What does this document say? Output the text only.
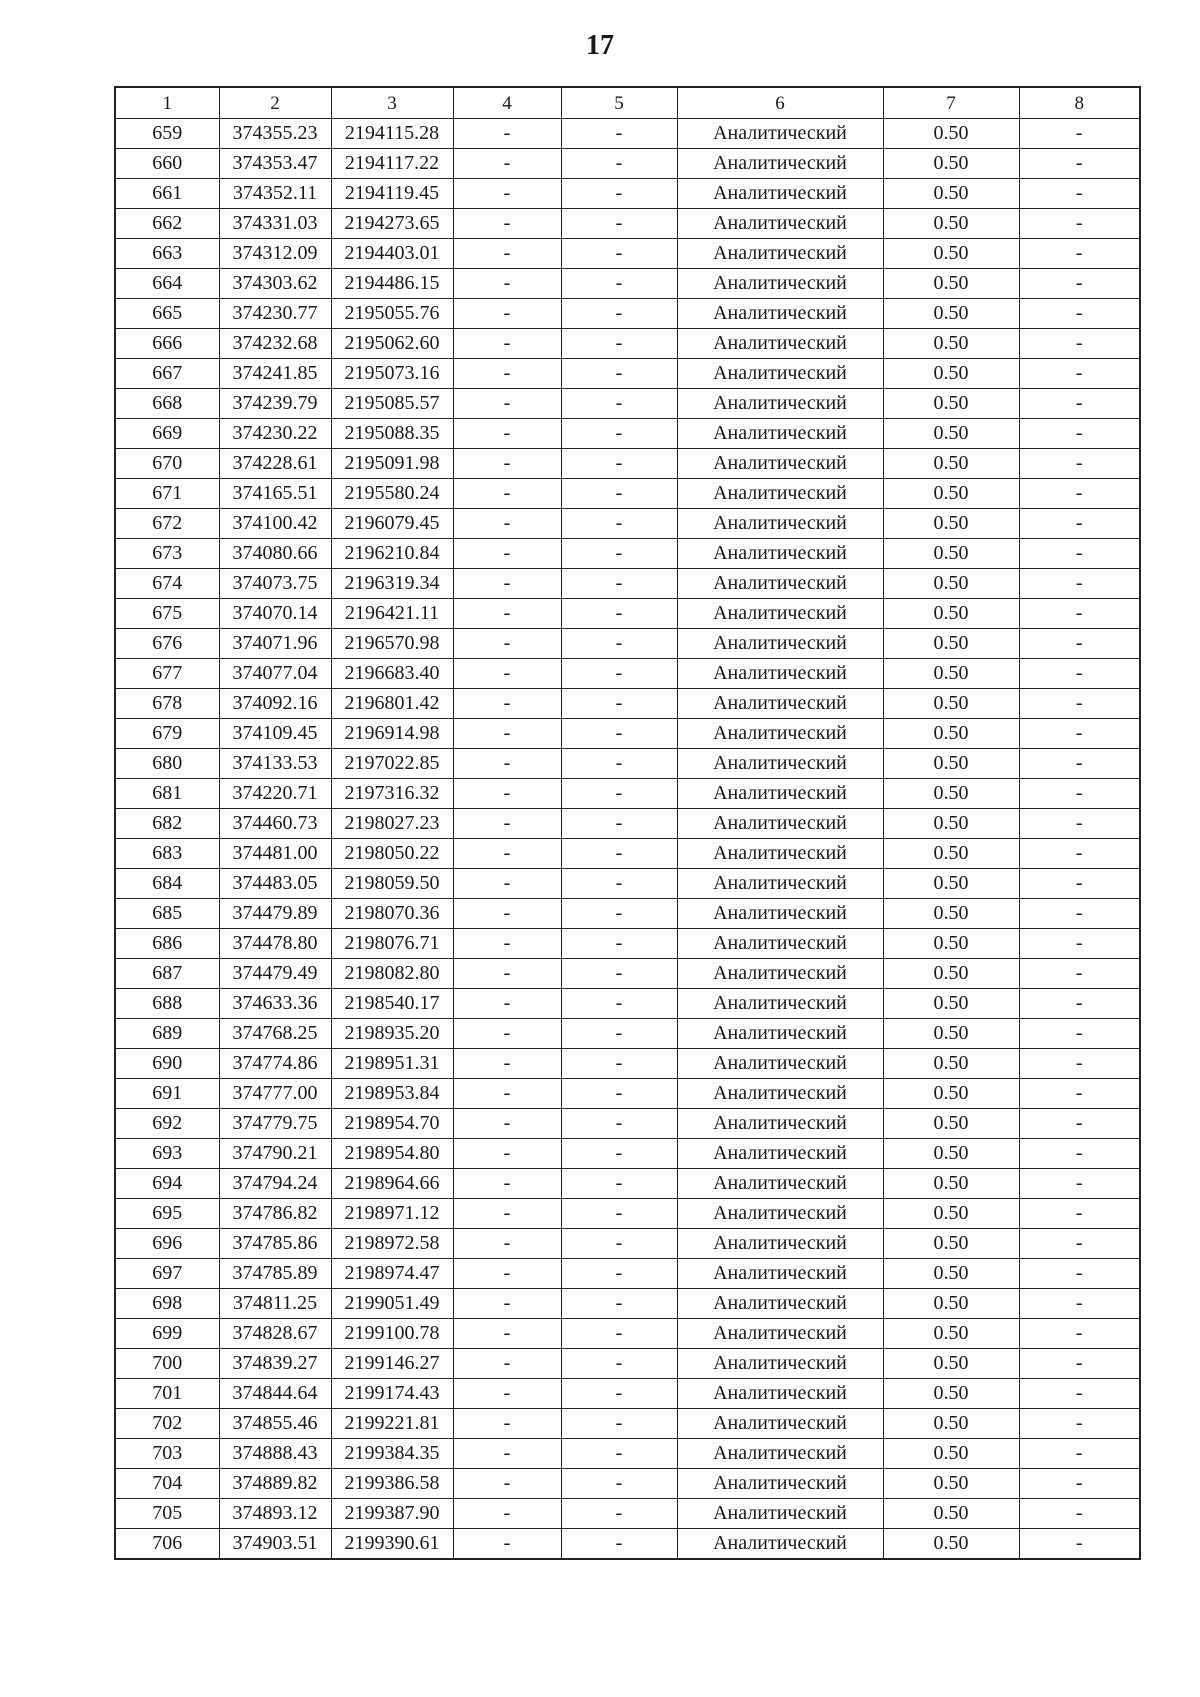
17
1	2	3	4	5	6	7	8
659	374355.23	2194115.28	-	-	Аналитический	0.50	-
660	374353.47	2194117.22	-	-	Аналитический	0.50	-
661	374352.11	2194119.45	-	-	Аналитический	0.50	-
662	374331.03	2194273.65	-	-	Аналитический	0.50	-
663	374312.09	2194403.01	-	-	Аналитический	0.50	-
664	374303.62	2194486.15	-	-	Аналитический	0.50	-
665	374230.77	2195055.76	-	-	Аналитический	0.50	-
666	374232.68	2195062.60	-	-	Аналитический	0.50	-
667	374241.85	2195073.16	-	-	Аналитический	0.50	-
668	374239.79	2195085.57	-	-	Аналитический	0.50	-
669	374230.22	2195088.35	-	-	Аналитический	0.50	-
670	374228.61	2195091.98	-	-	Аналитический	0.50	-
671	374165.51	2195580.24	-	-	Аналитический	0.50	-
672	374100.42	2196079.45	-	-	Аналитический	0.50	-
673	374080.66	2196210.84	-	-	Аналитический	0.50	-
674	374073.75	2196319.34	-	-	Аналитический	0.50	-
675	374070.14	2196421.11	-	-	Аналитический	0.50	-
676	374071.96	2196570.98	-	-	Аналитический	0.50	-
677	374077.04	2196683.40	-	-	Аналитический	0.50	-
678	374092.16	2196801.42	-	-	Аналитический	0.50	-
679	374109.45	2196914.98	-	-	Аналитический	0.50	-
680	374133.53	2197022.85	-	-	Аналитический	0.50	-
681	374220.71	2197316.32	-	-	Аналитический	0.50	-
682	374460.73	2198027.23	-	-	Аналитический	0.50	-
683	374481.00	2198050.22	-	-	Аналитический	0.50	-
684	374483.05	2198059.50	-	-	Аналитический	0.50	-
685	374479.89	2198070.36	-	-	Аналитический	0.50	-
686	374478.80	2198076.71	-	-	Аналитический	0.50	-
687	374479.49	2198082.80	-	-	Аналитический	0.50	-
688	374633.36	2198540.17	-	-	Аналитический	0.50	-
689	374768.25	2198935.20	-	-	Аналитический	0.50	-
690	374774.86	2198951.31	-	-	Аналитический	0.50	-
691	374777.00	2198953.84	-	-	Аналитический	0.50	-
692	374779.75	2198954.70	-	-	Аналитический	0.50	-
693	374790.21	2198954.80	-	-	Аналитический	0.50	-
694	374794.24	2198964.66	-	-	Аналитический	0.50	-
695	374786.82	2198971.12	-	-	Аналитический	0.50	-
696	374785.86	2198972.58	-	-	Аналитический	0.50	-
697	374785.89	2198974.47	-	-	Аналитический	0.50	-
698	374811.25	2199051.49	-	-	Аналитический	0.50	-
699	374828.67	2199100.78	-	-	Аналитический	0.50	-
700	374839.27	2199146.27	-	-	Аналитический	0.50	-
701	374844.64	2199174.43	-	-	Аналитический	0.50	-
702	374855.46	2199221.81	-	-	Аналитический	0.50	-
703	374888.43	2199384.35	-	-	Аналитический	0.50	-
704	374889.82	2199386.58	-	-	Аналитический	0.50	-
705	374893.12	2199387.90	-	-	Аналитический	0.50	-
706	374903.51	2199390.61	-	-	Аналитический	0.50	-
